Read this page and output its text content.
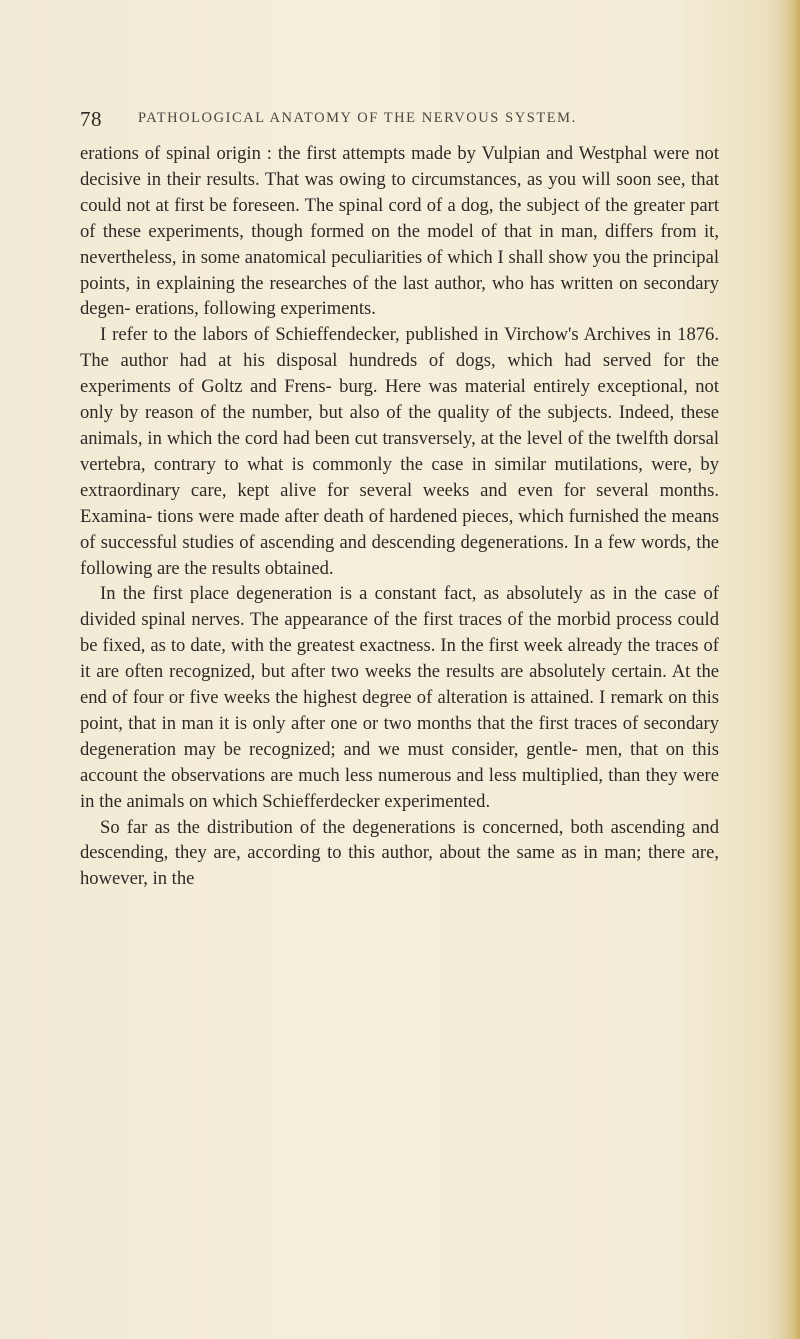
78 PATHOLOGICAL ANATOMY OF THE NERVOUS SYSTEM.

erations of spinal origin : the first attempts made by Vulpian and Westphal were not decisive in their results. That was owing to circumstances, as you will soon see, that could not at first be foreseen. The spinal cord of a dog, the subject of the greater part of these experiments, though formed on the model of that in man, differs from it, nevertheless, in some anatomical peculiarities of which I shall show you the principal points, in explaining the researches of the last author, who has written on secondary degen- erations, following experiments.

I refer to the labors of Schieffendecker, published in Virchow's Archives in 1876. The author had at his disposal hundreds of dogs, which had served for the experiments of Goltz and Frens- burg. Here was material entirely exceptional, not only by reason of the number, but also of the quality of the subjects. Indeed, these animals, in which the cord had been cut transversely, at the level of the twelfth dorsal vertebra, contrary to what is commonly the case in similar mutilations, were, by extraordinary care, kept alive for several weeks and even for several months. Examina- tions were made after death of hardened pieces, which furnished the means of successful studies of ascending and descending degenerations. In a few words, the following are the results obtained.

In the first place degeneration is a constant fact, as absolutely as in the case of divided spinal nerves. The appearance of the first traces of the morbid process could be fixed, as to date, with the greatest exactness. In the first week already the traces of it are often recognized, but after two weeks the results are absolutely certain. At the end of four or five weeks the highest degree of alteration is attained. I remark on this point, that in man it is only after one or two months that the first traces of secondary degeneration may be recognized; and we must consider, gentle- men, that on this account the observations are much less numerous and less multiplied, than they were in the animals on which Schiefferdecker experimented.

So far as the distribution of the degenerations is concerned, both ascending and descending, they are, according to this author, about the same as in man; there are, however, in the
